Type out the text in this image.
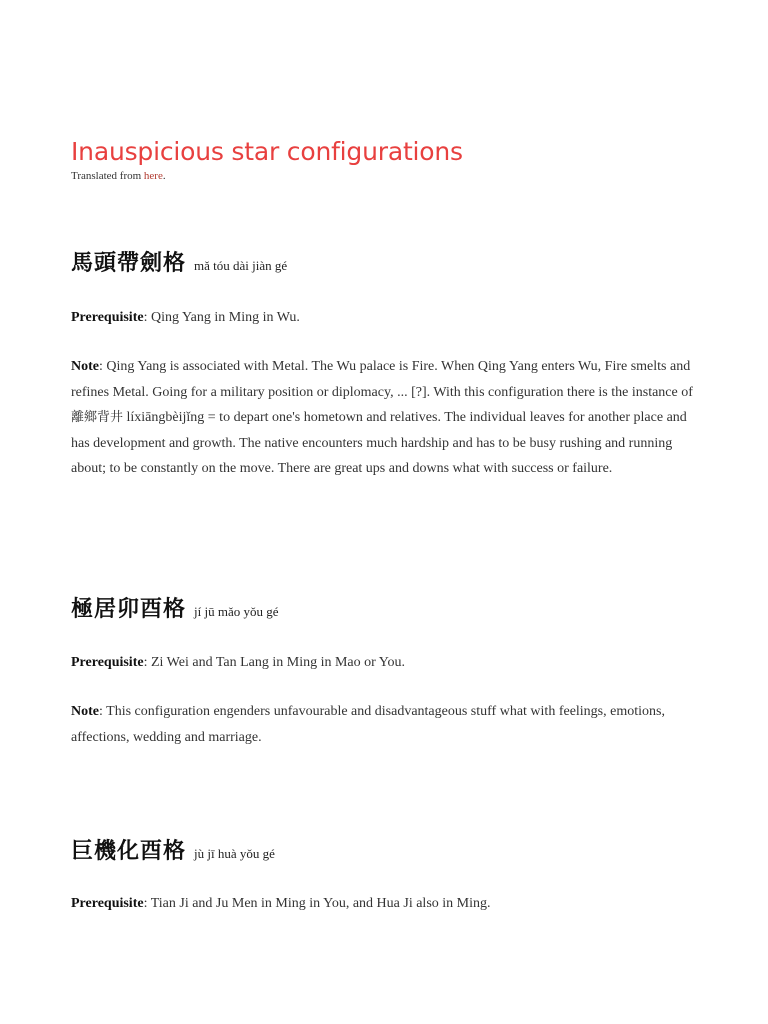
Inauspicious star configurations
Translated from here.
馬頭帶劍格 mǎ tóu dài jiàn gé

Prerequisite: Qing Yang in Ming in Wu.

Note: Qing Yang is associated with Metal. The Wu palace is Fire. When Qing Yang enters Wu, Fire smelts and refines Metal. Going for a military position or diplomacy, ... [?]. With this configuration there is the instance of 離鄉背井 líxiāngbèijǐng = to depart one's hometown and relatives. The individual leaves for another place and has development and growth. The native encounters much hardship and has to be busy rushing and running about; to be constantly on the move. There are great ups and downs what with success or failure.

極居卯酉格 jí jū mǎo yǒu gé

Prerequisite: Zi Wei and Tan Lang in Ming in Mao or You.

Note: This configuration engenders unfavourable and disadvantageous stuff what with feelings, emotions, affections, wedding and marriage.

巨機化酉格 jù jī huà yǒu gé

Prerequisite: Tian Ji and Ju Men in Ming in You, and Hua Ji also in Ming.
